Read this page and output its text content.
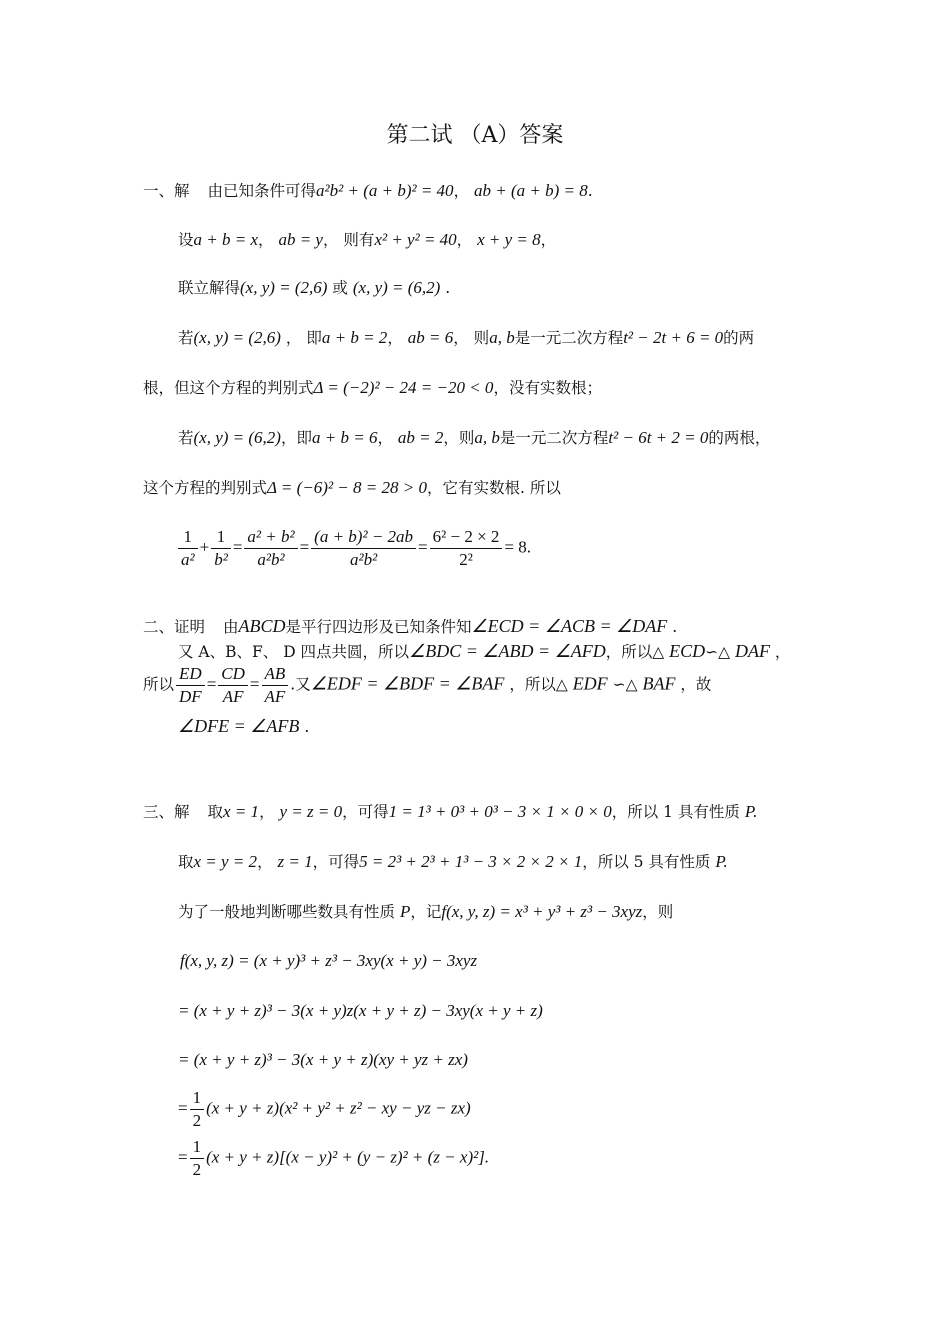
第二试 （A）答案
一、解 由已知条件可得a²b² + (a + b)² = 40， ab + (a + b) = 8.
设a + b = x， ab = y， 则有x² + y² = 40， x + y = 8，
联立解得(x, y) = (2,6) 或 (x, y) = (6,2) .
若(x, y) = (2,6) ， 即a + b = 2， ab = 6， 则a, b是一元二次方程t² − 2t + 6 = 0的两
根，但这个方程的判别式Δ = (−2)² − 24 = −20 < 0，没有实数根；
若(x, y) = (6,2)，即a + b = 6， ab = 2，则a, b是一元二次方程t² − 6t + 2 = 0的两根，
这个方程的判别式Δ = (−6)² − 8 = 28 > 0，它有实数根. 所以
$\frac{1}{\text{a²}} + \frac{1}{\text{b²}} = \frac{\text{a² + b²}}{\text{a²b²}} = \frac{\text{(a + b)² − 2ab}}{\text{a²b²}} = \frac{\text{6² − 2 × 2}}{\text{2²}} = 8$.
二、证明 由ABCD是平行四边形及已知条件知∠ECD = ∠ACB = ∠DAF .
又 A、B、F、 D 四点共圆，所以∠BDC = ∠ABD = ∠AFD，所以△ ECD∽△ DAF ，
所以 $\frac{ED}{DF} = \frac{CD}{AF} = \frac{AB}{AF}$ .又∠EDF = ∠BDF = ∠BAF ，所以△ EDF ∽△ BAF ，故
∠DFE = ∠AFB .
三、解 取x = 1， y = z = 0，可得1 = 1³ + 0³ + 0³ − 3 × 1 × 0 × 0，所以 1 具有性质 P.
取x = y = 2， z = 1，可得5 = 2³ + 2³ + 1³ − 3 × 2 × 2 × 1，所以 5 具有性质 P.
为了一般地判断哪些数具有性质 P，记f(x, y, z) = x³ + y³ + z³ − 3xyz，则
f(x, y, z) = (x + y)³ + z³ − 3xy(x + y) − 3xyz
= (x + y + z)³ − 3(x + y)z(x + y + z) − 3xy(x + y + z)
= (x + y + z)³ − 3(x + y + z)(xy + yz + zx)
= $\frac{1}{2} (x + y + z)(x^2 + y^2 + z^2$ − xy − yz − zx)
= $\frac{1}{2} (x + y + z)[(x - y)^2 + (y - z)^2 + (z - x)^2]$.
